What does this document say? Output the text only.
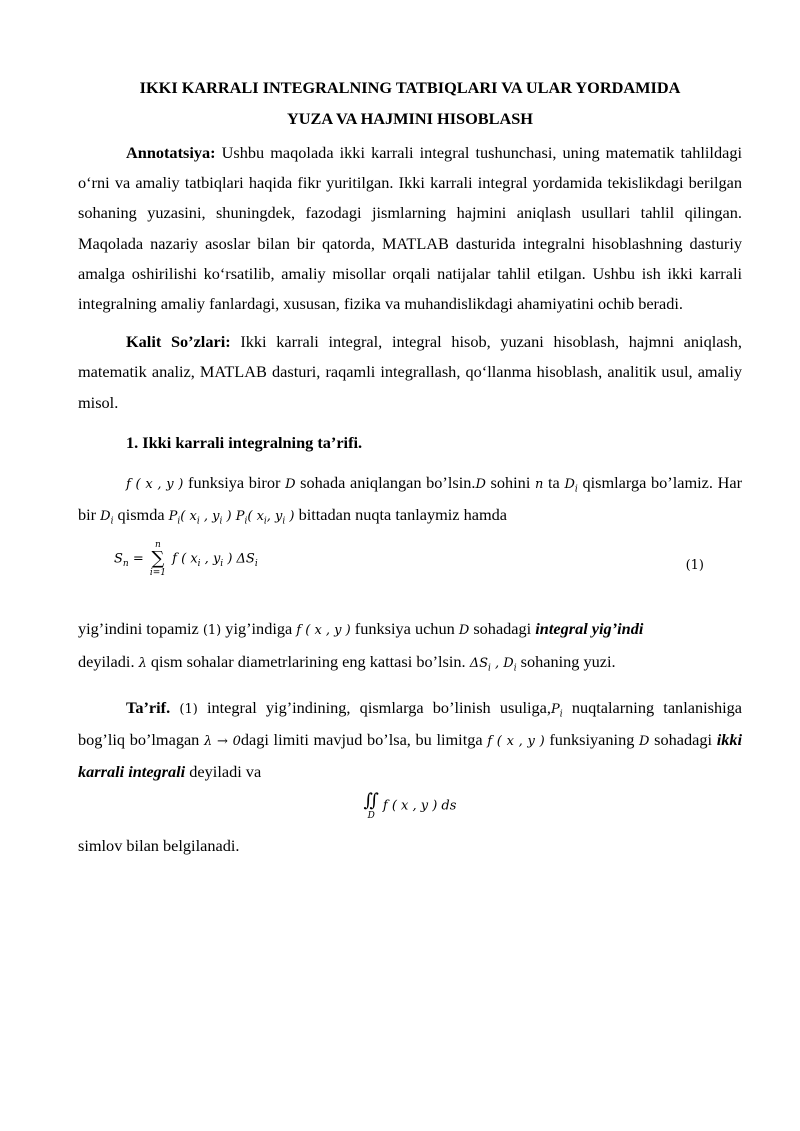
IKKI KARRALI INTEGRALNING TATBIQLARI VA ULAR YORDAMIDA
YUZA VA HAJMINI HISOBLASH

Annotatsiya: Ushbu maqolada ikki karrali integral tushunchasi, uning matematik tahlildagi o‘rni va amaliy tatbiqlari haqida fikr yuritilgan. Ikki karrali integral yordamida tekislikdagi berilgan sohaning yuzasini, shuningdek, fazodagi jismlarning hajmini aniqlash usullari tahlil qilingan. Maqolada nazariy asoslar bilan bir qatorda, MATLAB dasturida integralni hisoblashning dasturiy amalga oshirilishi ko‘rsatilib, amaliy misollar orqali natijalar tahlil etilgan. Ushbu ish ikki karrali integralning amaliy fanlardagi, xususan, fizika va muhandislikdagi ahamiyatini ochib beradi.

Kalit So’zlari: Ikki karrali integral, integral hisob, yuzani hisoblash, hajmni aniqlash, matematik analiz, MATLAB dasturi, raqamli integrallash, qo‘llanma hisoblash, analitik usul, amaliy misol.

1. Ikki karrali integralning ta’rifi.

f ( x , y ) funksiya biror D sohada aniqlangan bo’lsin.D sohini n ta $D_i$ qismlarga bo’lamiz. Har bir $D_i$ qismda $P_i$( $x_i$ , $y_i$ ) $P_i$( $x_i$, $y_i$ ) bittadan nuqta tanlaymiz hamda

$S_n$ =
n
∑
i=1
f ( $x_i$ , $y_i$ ) $\Delta S_i$	(1)

yig’indini topamiz (1) yig’indiga f ( x , y ) funksiya uchun D sohadagi integral yig’indi
deyiladi. λ qism sohalar diametrlarining eng kattasi bo’lsin. $\Delta S_i$ , $D_i$ sohaning yuzi.

Ta’rif. (1) integral yig’indining, qismlarga bo’linish $usuliga,P_i$ nuqtalarning tanlanishiga bog’liq bo’lmagan λ → 0dagi limiti mavjud bo’lsa, bu limitga f ( x , y ) funksiyaning D sohadagi ikki karrali integrali deyiladi va

∬
D
f ( x , y ) ds

simlov bilan belgilanadi.
